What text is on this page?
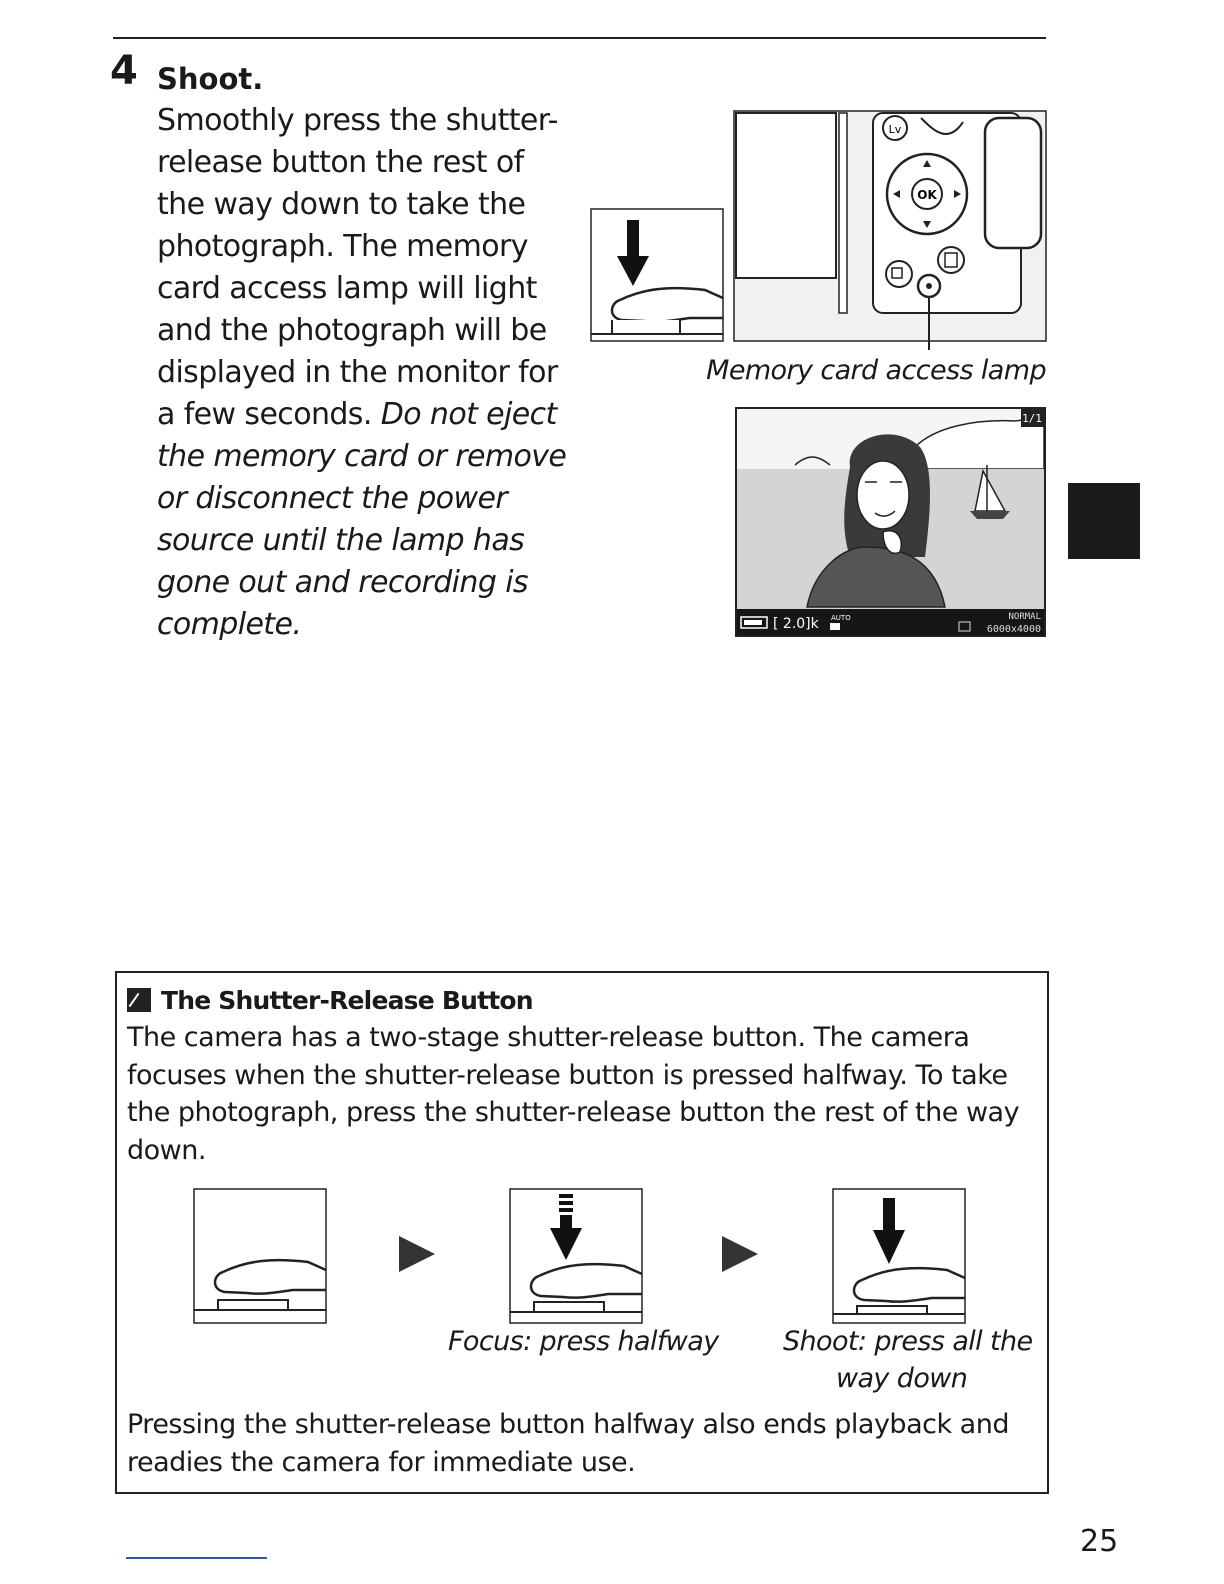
4 Shoot.
Smoothly press the shutter-release button the rest of the way down to take the photograph. The memory card access lamp will light and the photograph will be displayed in the monitor for a few seconds. Do not eject the memory card or remove or disconnect the power source until the lamp has gone out and recording is complete.
Lv
OK
Memory card access lamp
1/1
[ 2.0]k AUTO	NORMAL
6000x4000
The Shutter-Release Button
The camera has a two-stage shutter-release button. The camera focuses when the shutter-release button is pressed halfway. To take the photograph, press the shutter-release button the rest of the way down.
Focus: press halfway Shoot: press all the
way down
Pressing the shutter-release button halfway also ends playback and readies the camera for immediate use.
25
